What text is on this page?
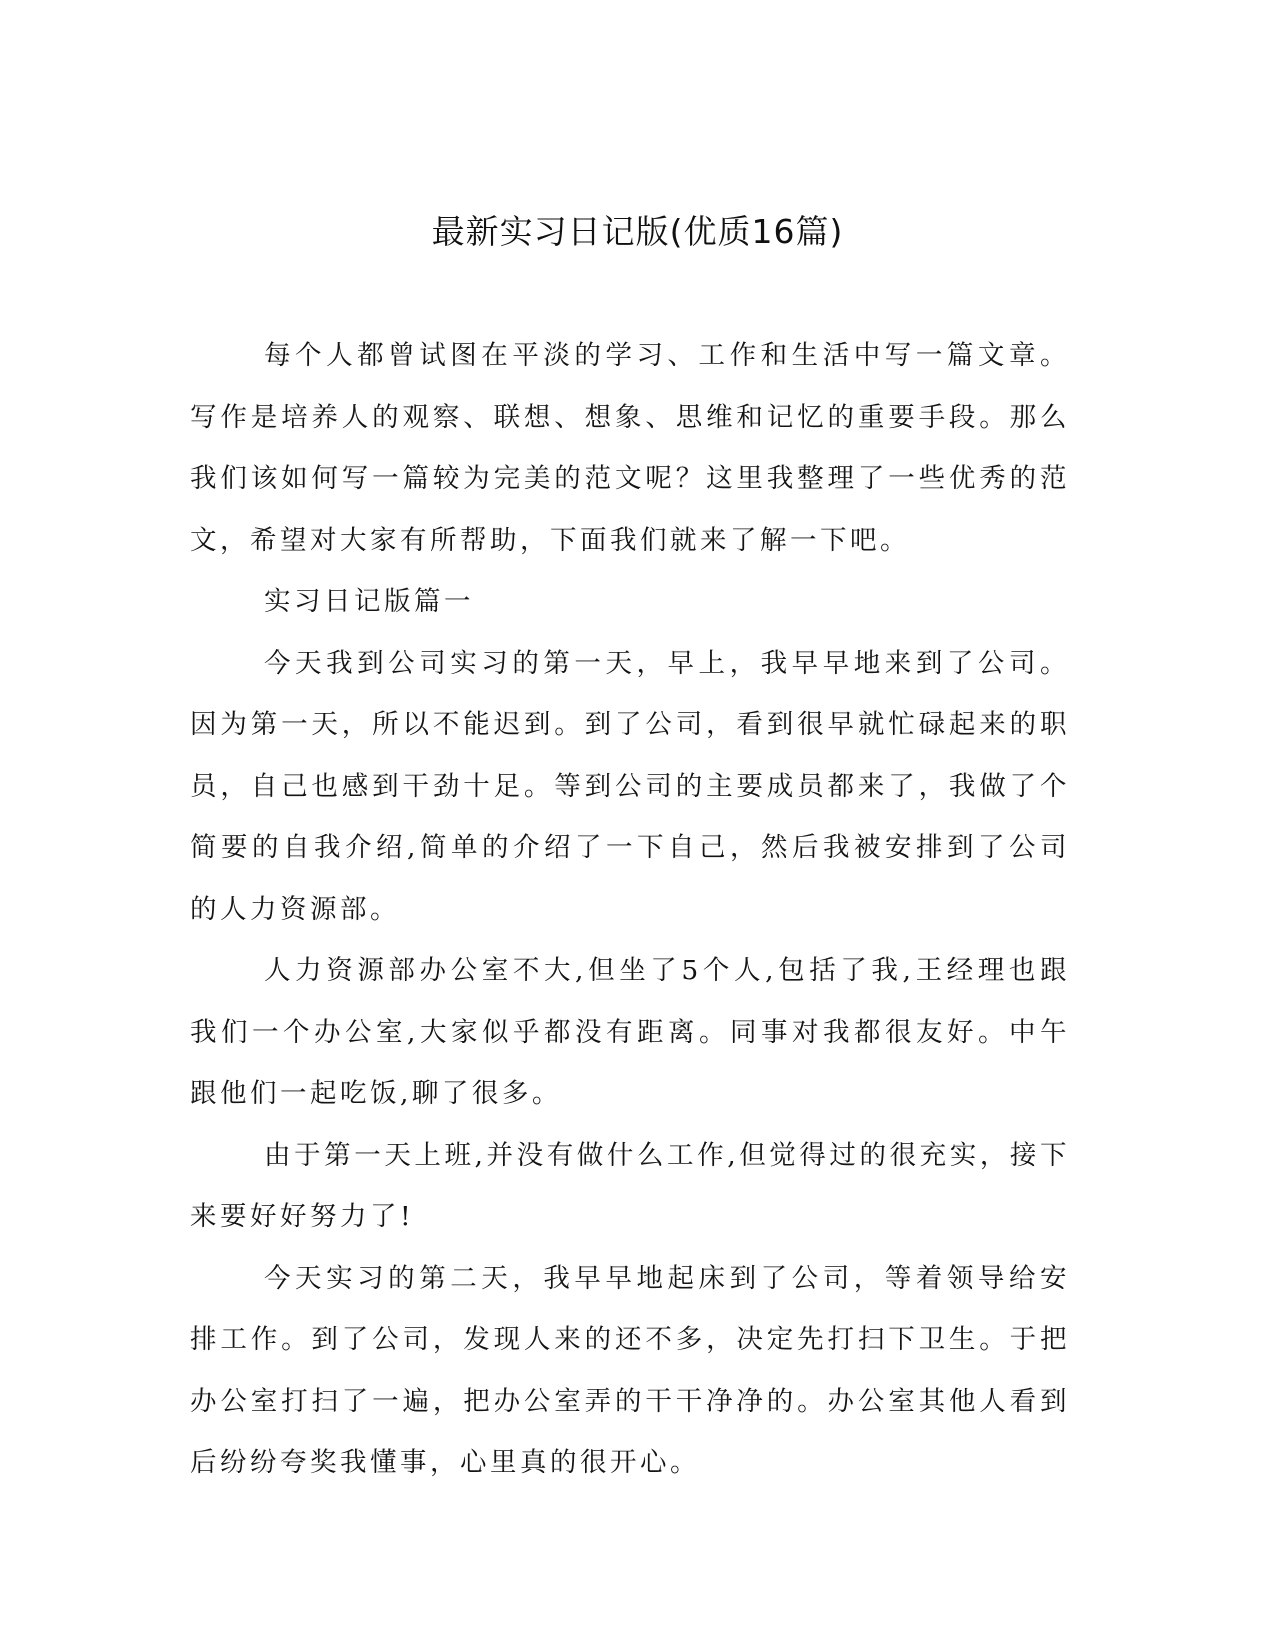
最新实习日记版(优质16篇)

每个人都曾试图在平淡的学习、工作和生活中写一篇文章。写作是培养人的观察、联想、想象、思维和记忆的重要手段。那么我们该如何写一篇较为完美的范文呢？这里我整理了一些优秀的范文，希望对大家有所帮助，下面我们就来了解一下吧。

实习日记版篇一

今天我到公司实习的第一天，早上，我早早地来到了公司。因为第一天，所以不能迟到。到了公司，看到很早就忙碌起来的职员，自己也感到干劲十足。等到公司的主要成员都来了，我做了个简要的自我介绍,简单的介绍了一下自己，然后我被安排到了公司的人力资源部。

人力资源部办公室不大,但坐了5个人,包括了我,王经理也跟我们一个办公室,大家似乎都没有距离。同事对我都很友好。中午跟他们一起吃饭,聊了很多。

由于第一天上班,并没有做什么工作,但觉得过的很充实，接下来要好好努力了!

今天实习的第二天，我早早地起床到了公司，等着领导给安排工作。到了公司，发现人来的还不多，决定先打扫下卫生。于把办公室打扫了一遍，把办公室弄的干干净净的。办公室其他人看到后纷纷夸奖我懂事，心里真的很开心。
